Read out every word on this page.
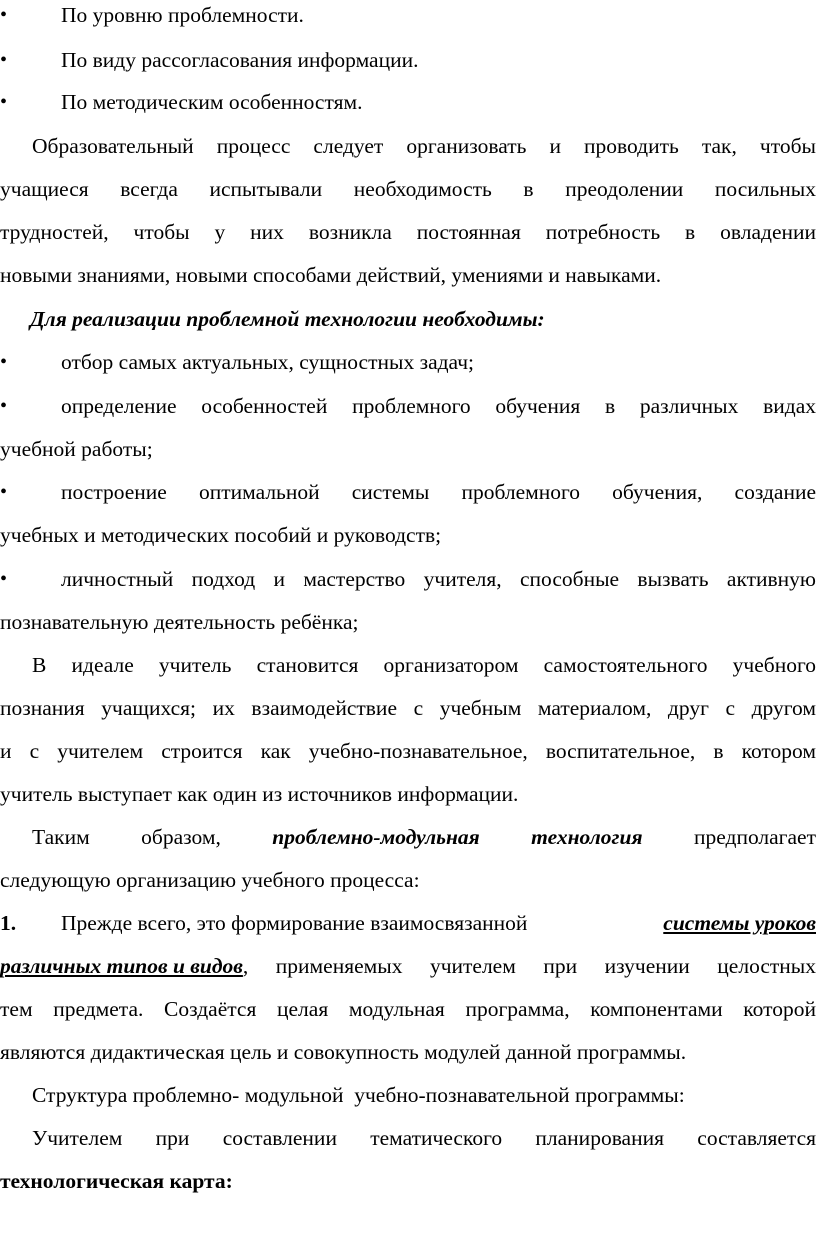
•	По уровню проблемности.
•	По виду рассогласования информации.
•	По методическим особенностям.
Образовательный процесс следует организовать и проводить так, чтобы
учащиеся всегда испытывали необходимость в преодолении посильных
трудностей, чтобы у них возникла постоянная потребность в овладении
новыми знаниями, новыми способами действий, умениями и навыками.
Для реализации проблемной технологии необходимы:
•	отбор самых актуальных, сущностных задач;
•	определение особенностей проблемного обучения в различных видах
учебной работы;
•	построение оптимальной системы проблемного обучения, создание
учебных и методических пособий и руководств;
•	личностный подход и мастерство учителя, способные вызвать активную
познавательную деятельность ребёнка;
В идеале учитель становится организатором самостоятельного учебного
познания учащихся; их взаимодействие с учебным материалом, друг с другом
и с учителем строится как учебно-познавательное, воспитательное, в котором
учитель выступает как один из источников информации.
Таким образом, проблемно-модульная технология предполагает
следующую организацию учебного процесса:
1. Прежде всего, это формирование взаимосвязанной	системы уроков
различных типов и видов , применяемых учителем при изучении целостных
тем предмета. Создаётся целая модульная программа, компонентами которой
являются дидактическая цель и совокупность модулей данной программы.
Структура проблемно- модульной  учебно-познавательной программы:
Учителем при составлении тематического планирования составляется
технологическая карта:
